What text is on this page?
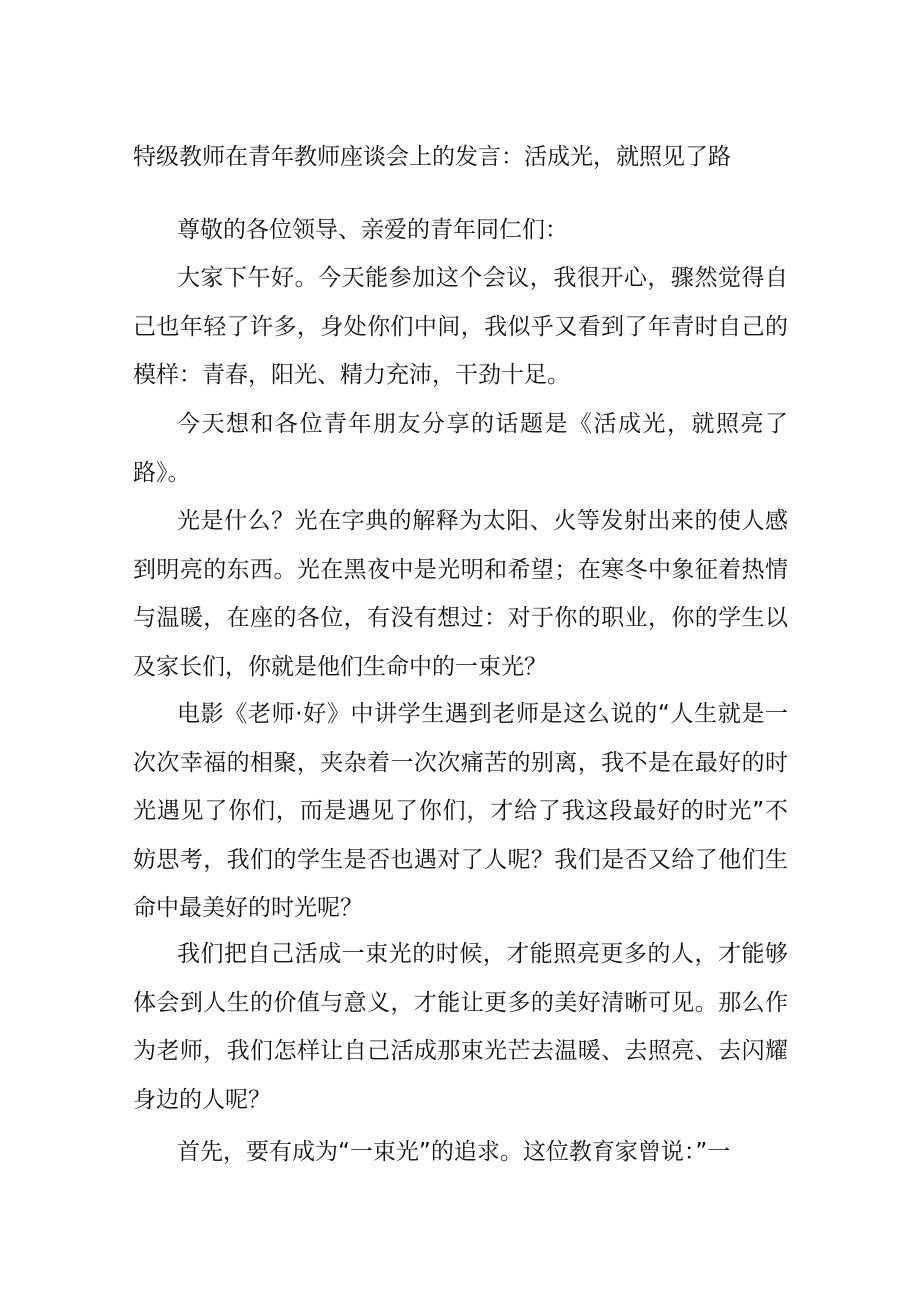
特级教师在青年教师座谈会上的发言：活成光，就照见了路

尊敬的各位领导、亲爱的青年同仁们：

大家下午好。今天能参加这个会议，我很开心，骤然觉得自己也年轻了许多，身处你们中间，我似乎又看到了年青时自己的模样：青春，阳光、精力充沛，干劲十足。

今天想和各位青年朋友分享的话题是《活成光，就照亮了路》。

光是什么？光在字典的解释为太阳、火等发射出来的使人感到明亮的东西。光在黑夜中是光明和希望；在寒冬中象征着热情与温暖，在座的各位，有没有想过：对于你的职业，你的学生以及家长们，你就是他们生命中的一束光？

电影《老师·好》中讲学生遇到老师是这么说的“人生就是一次次幸福的相聚，夹杂着一次次痛苦的别离，我不是在最好的时光遇见了你们，而是遇见了你们，才给了我这段最好的时光”不妨思考，我们的学生是否也遇对了人呢？我们是否又给了他们生命中最美好的时光呢？

我们把自己活成一束光的时候，才能照亮更多的人，才能够体会到人生的价值与意义，才能让更多的美好清晰可见。那么作为老师，我们怎样让自己活成那束光芒去温暖、去照亮、去闪耀身边的人呢？

首先，要有成为“一束光”的追求。这位教育家曾说：”一
